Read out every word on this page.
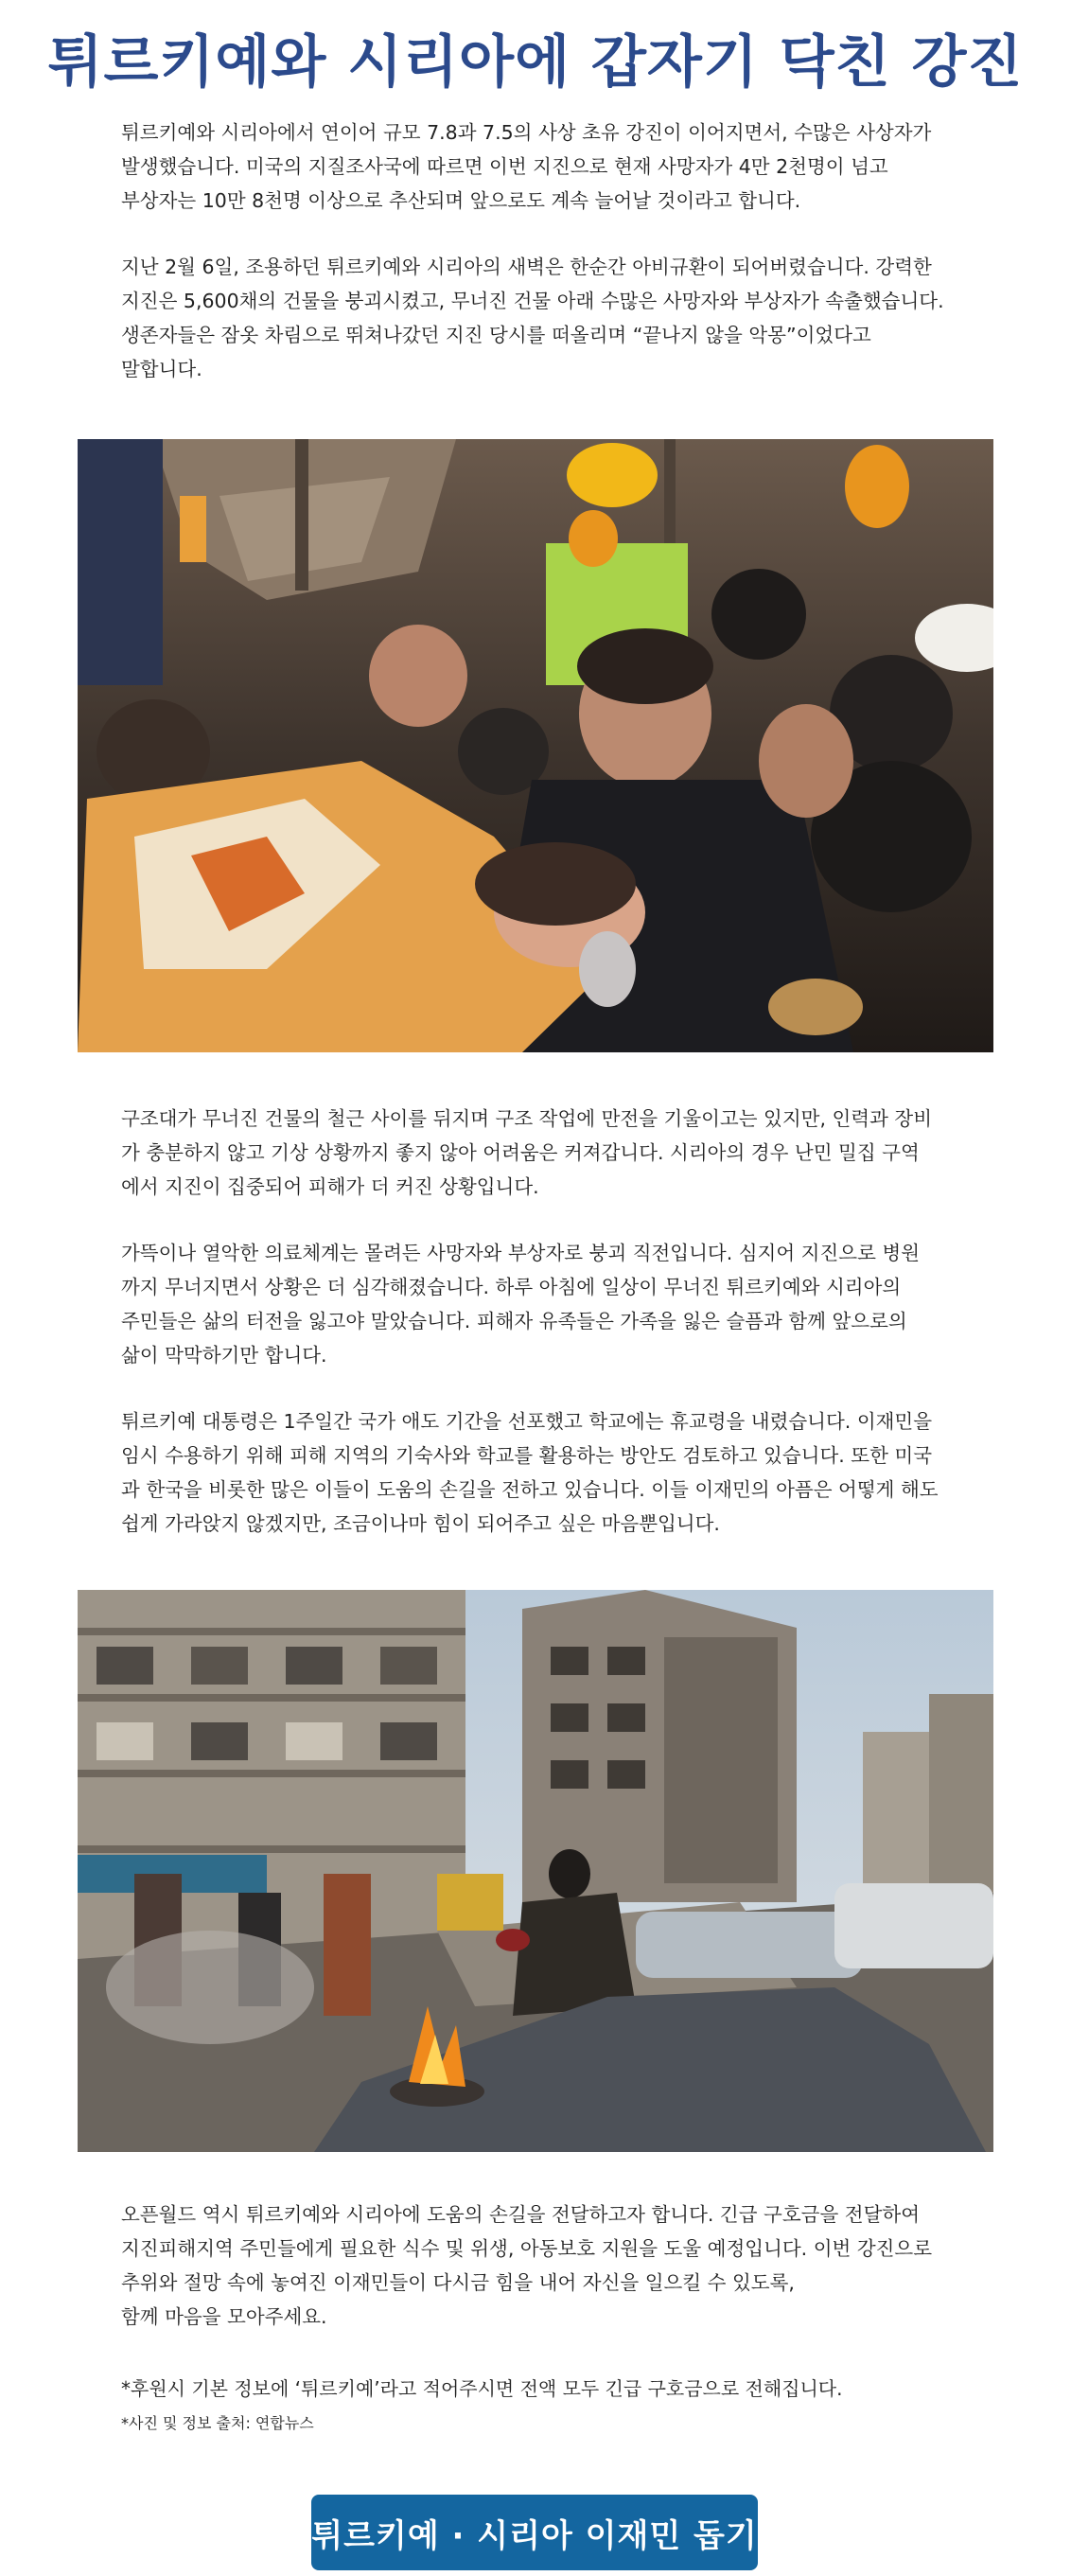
튀르키예와 시리아에 갑자기 닥친 강진
튀르키예와 시리아에서 연이어 규모 7.8과 7.5의 사상 초유 강진이 이어지면서, 수많은 사상자가
발생했습니다. 미국의 지질조사국에 따르면 이번 지진으로 현재 사망자가 4만 2천명이 넘고
부상자는 10만 8천명 이상으로 추산되며 앞으로도 계속 늘어날 것이라고 합니다.
지난 2월 6일, 조용하던 튀르키예와 시리아의 새벽은 한순간 아비규환이 되어버렸습니다. 강력한
지진은 5,600채의 건물을 붕괴시켰고, 무너진 건물 아래 수많은 사망자와 부상자가 속출했습니다.
생존자들은 잠옷 차림으로 뛰쳐나갔던 지진 당시를 떠올리며 “끝나지 않을 악몽”이었다고
말합니다.
구조대가 무너진 건물의 철근 사이를 뒤지며 구조 작업에 만전을 기울이고는 있지만, 인력과 장비
가 충분하지 않고 기상 상황까지 좋지 않아 어려움은 커져갑니다. 시리아의 경우 난민 밀집 구역
에서 지진이 집중되어 피해가 더 커진 상황입니다.
가뜩이나 열악한 의료체계는 몰려든 사망자와 부상자로 붕괴 직전입니다. 심지어 지진으로 병원
까지 무너지면서 상황은 더 심각해졌습니다. 하루 아침에 일상이 무너진 튀르키예와 시리아의
주민들은 삶의 터전을 잃고야 말았습니다. 피해자 유족들은 가족을 잃은 슬픔과 함께 앞으로의
삶이 막막하기만 합니다.
튀르키예 대통령은 1주일간 국가 애도 기간을 선포했고 학교에는 휴교령을 내렸습니다. 이재민을
임시 수용하기 위해 피해 지역의 기숙사와 학교를 활용하는 방안도 검토하고 있습니다. 또한 미국
과 한국을 비롯한 많은 이들이 도움의 손길을 전하고 있습니다. 이들 이재민의 아픔은 어떻게 해도
쉽게 가라앉지 않겠지만, 조금이나마 힘이 되어주고 싶은 마음뿐입니다.
오픈월드 역시 튀르키예와 시리아에 도움의 손길을 전달하고자 합니다. 긴급 구호금을 전달하여
지진피해지역 주민들에게 필요한 식수 및 위생, 아동보호 지원을 도울 예정입니다. 이번 강진으로
추위와 절망 속에 놓여진 이재민들이 다시금 힘을 내어 자신을 일으킬 수 있도록,
함께 마음을 모아주세요.

*후원시 기본 정보에 ‘튀르키예’라고 적어주시면 전액 모두 긴급 구호금으로 전해집니다.

*사진 및 정보 출처: 연합뉴스

튀르키예 · 시리아 이재민 돕기
